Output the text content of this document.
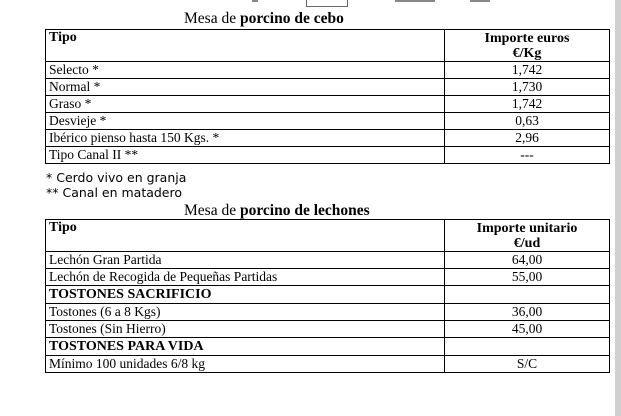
Mesa de porcino de cebo
Tipo	Importe euros
€/Kg
Selecto *	1,742
Normal *	1,730
Graso *	1,742
Desvieje *	0,63
Ibérico pienso hasta 150 Kgs. *	2,96
Tipo Canal II **	---
* Cerdo vivo en granja
** Canal en matadero
Mesa de porcino de lechones
Tipo	Importe unitario
€/ud
Lechón Gran Partida	64,00
Lechón de Recogida de Pequeñas Partidas	55,00
TOSTONES SACRIFICIO	
Tostones (6 a 8 Kgs)	36,00
Tostones (Sin Hierro)	45,00
TOSTONES PARA VIDA	
Mínimo 100 unidades 6/8 kg	S/C
